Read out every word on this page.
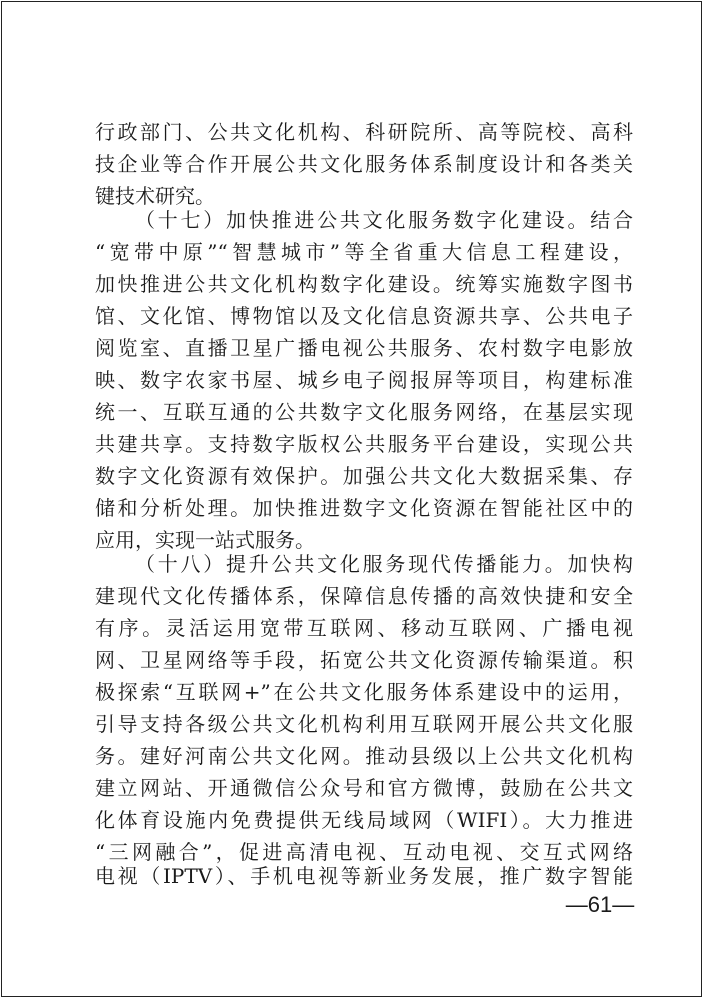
行政部门、公共文化机构、科研院所、高等院校、高科
技企业等合作开展公共文化服务体系制度设计和各类关
键技术研究。
（十七）加快推进公共文化服务数字化建设。结合
“宽带中原”“智慧城市”等全省重大信息工程建设，
加快推进公共文化机构数字化建设。统筹实施数字图书
馆、文化馆、博物馆以及文化信息资源共享、公共电子
阅览室、直播卫星广播电视公共服务、农村数字电影放
映、数字农家书屋、城乡电子阅报屏等项目，构建标准
统一、互联互通的公共数字文化服务网络，在基层实现
共建共享。支持数字版权公共服务平台建设，实现公共
数字文化资源有效保护。加强公共文化大数据采集、存
储和分析处理。加快推进数字文化资源在智能社区中的
应用，实现一站式服务。
（十八）提升公共文化服务现代传播能力。加快构
建现代文化传播体系，保障信息传播的高效快捷和安全
有序。灵活运用宽带互联网、移动互联网、广播电视
网、卫星网络等手段，拓宽公共文化资源传输渠道。积
极探索“互联网+”在公共文化服务体系建设中的运用，
引导支持各级公共文化机构利用互联网开展公共文化服
务。建好河南公共文化网。推动县级以上公共文化机构
建立网站、开通微信公众号和官方微博，鼓励在公共文
化体育设施内免费提供无线局域网（WIFI）。大力推进
“三网融合”，促进高清电视、互动电视、交互式网络
电视（IPTV）、手机电视等新业务发展，推广数字智能
—61—
